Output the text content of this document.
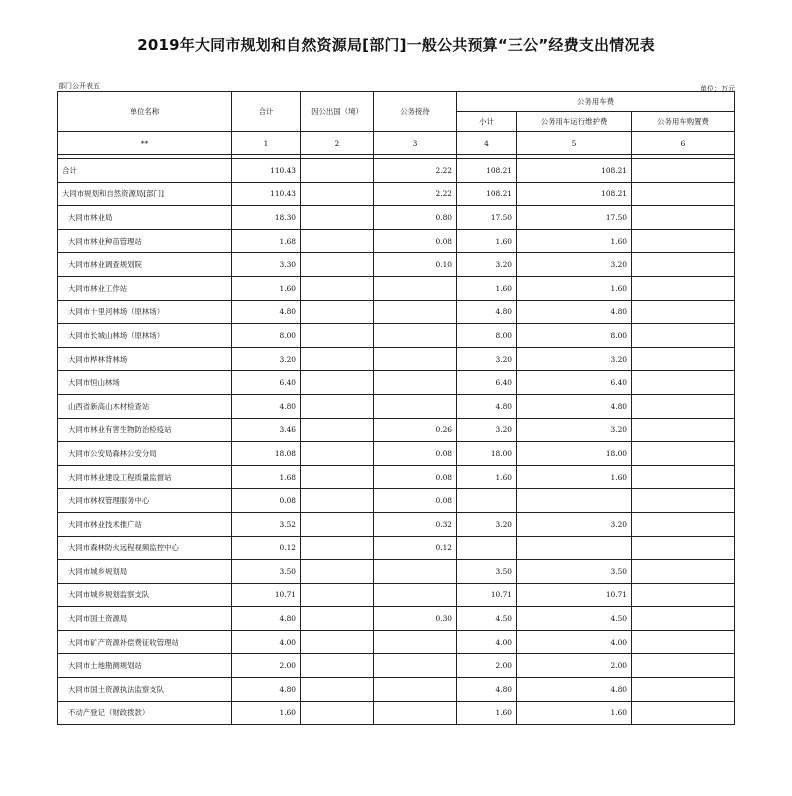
2019年大同市规划和自然资源局[部门]一般公共预算“三公”经费支出情况表
部门公开表五	单位：万元
单位名称	合计	因公出国（境）	公务接待	公务用车费		
				小计	公务用车运行维护费	公务用车购置费
**	1	2	3	4	5	6

合计	110.43		2.22	108.21	108.21	
大同市规划和自然资源局[部门]	110.43		2.22	108.21	108.21	
大同市林业局	18.30		0.80	17.50	17.50	
大同市林业种苗管理站	1.68		0.08	1.60	1.60	
大同市林业调查规划院	3.30		0.10	3.20	3.20	
大同市林业工作站	1.60			1.60	1.60	
大同市十里河林场（原林场）	4.80			4.80	4.80	
大同市长城山林场（原林场）	8.00			8.00	8.00	
大同市桦林背林场	3.20			3.20	3.20	
大同市恒山林场	6.40			6.40	6.40	
山西省新高山木材检查站	4.80			4.80	4.80	
大同市林业有害生物防治检疫站	3.46		0.26	3.20	3.20	
大同市公安局森林公安分局	18.08		0.08	18.00	18.00	
大同市林业建设工程质量监督站	1.68		0.08	1.60	1.60	
大同市林权管理服务中心	0.08		0.08			
大同市林业技术推广站	3.52		0.32	3.20	3.20	
大同市森林防火远程视频监控中心	0.12		0.12			
大同市城乡规划局	3.50			3.50	3.50	
大同市城乡规划监察支队	10.71			10.71	10.71	
大同市国土资源局	4.80		0.30	4.50	4.50	
大同市矿产资源补偿费征收管理站	4.00			4.00	4.00	
大同市土地勘测规划站	2.00			2.00	2.00	
大同市国土资源执法监察支队	4.80			4.80	4.80	
不动产登记（财政拨款）	1.60			1.60	1.60	
